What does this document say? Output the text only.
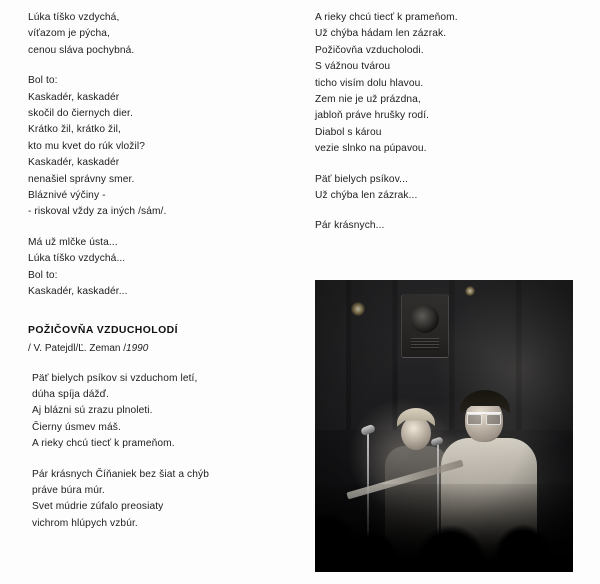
Lúka tíško vzdychá,
víťazom je pýcha,
cenou sláva pochybná.
Bol to:
Kaskadér, kaskadér
skočil do čiernych dier.
Krátko žil, krátko žil,
kto mu kvet do rúk vložil?
Kaskadér, kaskadér
nenašiel správny smer.
Bláznivé výčiny -
- riskoval vždy za iných /sám/.
Má už mlčke ústa...
Lúka tíško vzdychá...
Bol to:
Kaskadér, kaskadér...
POŽIČOVŇA VZDUCHOLODÍ
/ V. Patejdl/Ľ. Zeman /1990
Päť bielych psíkov si vzduchom letí,
dúha spíja dážď.
Aj blázni sú zrazu plnoleti.
Čierny úsmev máš.
A rieky chcú tiecť k prameňom.
Pár krásnych Číňaniek bez šiat a chýb
práve búra múr.
Svet múdrie zúfalo preosiaty
vichrom hlúpych vzbúr.
A rieky chcú tiecť k prameňom.
Už chýba hádam len zázrak.
Požičovňa vzducholodi.
S vážnou tvárou
ticho visím dolu hlavou.
Zem nie je už prázdna,
jabloň práve hrušky rodí.
Diabol s károu
vezie slnko na púpavou.
Päť bielych psíkov...
Už chýba len zázrak...
Pár krásnych...
